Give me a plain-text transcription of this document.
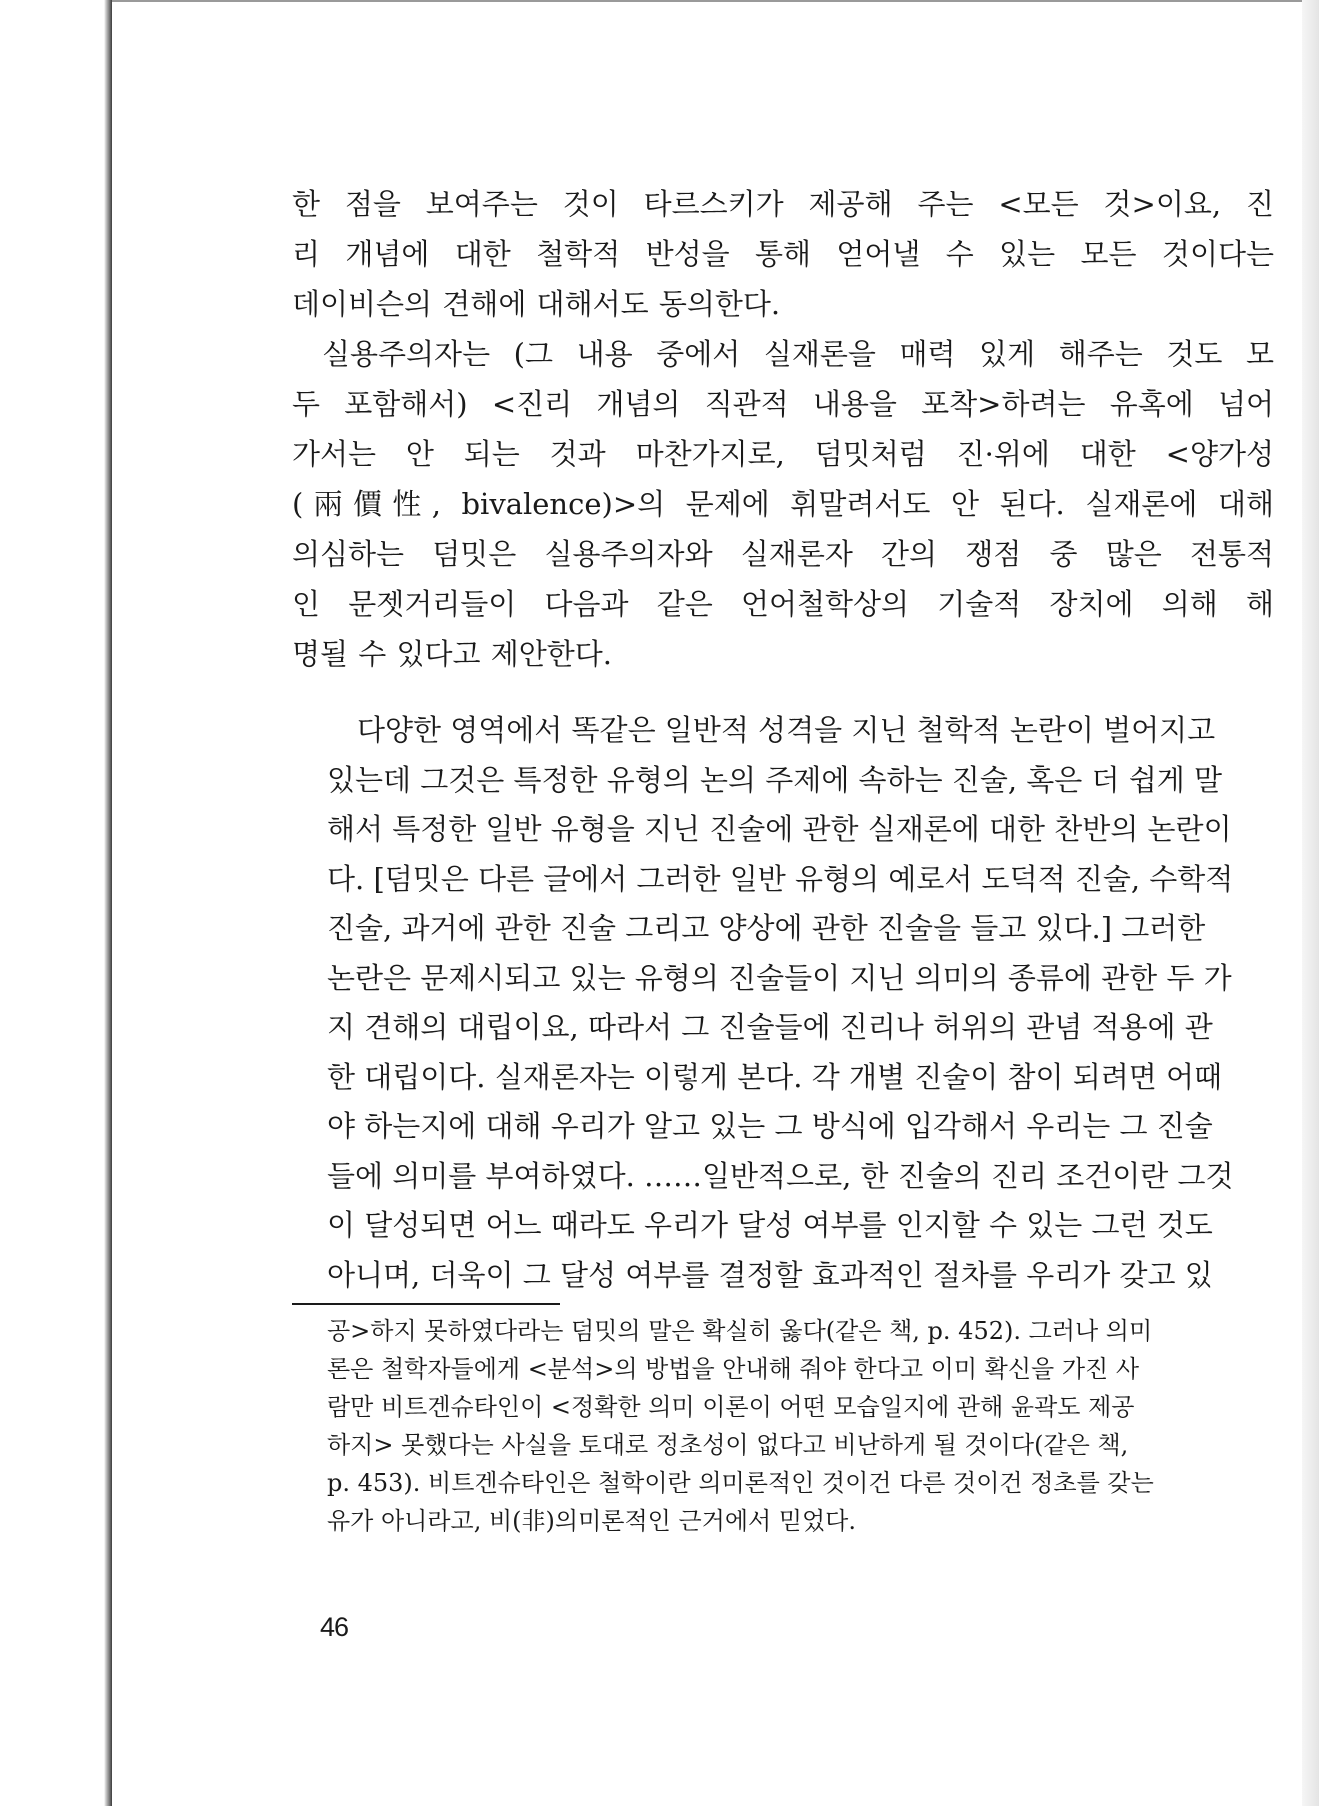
한 점을 보여주는 것이 타르스키가 제공해 주는 <모든 것>이요, 진
리 개념에 대한 철학적 반성을 통해 얻어낼 수 있는 모든 것이다는
데이비슨의 견해에 대해서도 동의한다.

실용주의자는 (그 내용 중에서 실재론을 매력 있게 해주는 것도 모
두 포함해서) <진리 개념의 직관적 내용을 포착>하려는 유혹에 넘어
가서는 안 되는 것과 마찬가지로, 덤밋처럼 진·위에 대한 <양가성
(兩價性, bivalence)>의 문제에 휘말려서도 안 된다. 실재론에 대해
의심하는 덤밋은 실용주의자와 실재론자 간의 쟁점 중 많은 전통적
인 문젯거리들이 다음과 같은 언어철학상의 기술적 장치에 의해 해
명될 수 있다고 제안한다.

다양한 영역에서 똑같은 일반적 성격을 지닌 철학적 논란이 벌어지고
있는데 그것은 특정한 유형의 논의 주제에 속하는 진술, 혹은 더 쉽게 말
해서 특정한 일반 유형을 지닌 진술에 관한 실재론에 대한 찬반의 논란이
다. [덤밋은 다른 글에서 그러한 일반 유형의 예로서 도덕적 진술, 수학적
진술, 과거에 관한 진술 그리고 양상에 관한 진술을 들고 있다.] 그러한
논란은 문제시되고 있는 유형의 진술들이 지닌 의미의 종류에 관한 두 가
지 견해의 대립이요, 따라서 그 진술들에 진리나 허위의 관념 적용에 관
한 대립이다. 실재론자는 이렇게 본다. 각 개별 진술이 참이 되려면 어때
야 하는지에 대해 우리가 알고 있는 그 방식에 입각해서 우리는 그 진술
들에 의미를 부여하였다. ……일반적으로, 한 진술의 진리 조건이란 그것
이 달성되면 어느 때라도 우리가 달성 여부를 인지할 수 있는 그런 것도
아니며, 더욱이 그 달성 여부를 결정할 효과적인 절차를 우리가 갖고 있

공>하지 못하였다라는 덤밋의 말은 확실히 옳다(같은 책, p. 452). 그러나 의미
론은 철학자들에게 <분석>의 방법을 안내해 줘야 한다고 이미 확신을 가진 사
람만 비트겐슈타인이 <정확한 의미 이론이 어떤 모습일지에 관해 윤곽도 제공
하지> 못했다는 사실을 토대로 정초성이 없다고 비난하게 될 것이다(같은 책,
p. 453). 비트겐슈타인은 철학이란 의미론적인 것이건 다른 것이건 정초를 갖는
유가 아니라고, 비(非)의미론적인 근거에서 믿었다.

46
